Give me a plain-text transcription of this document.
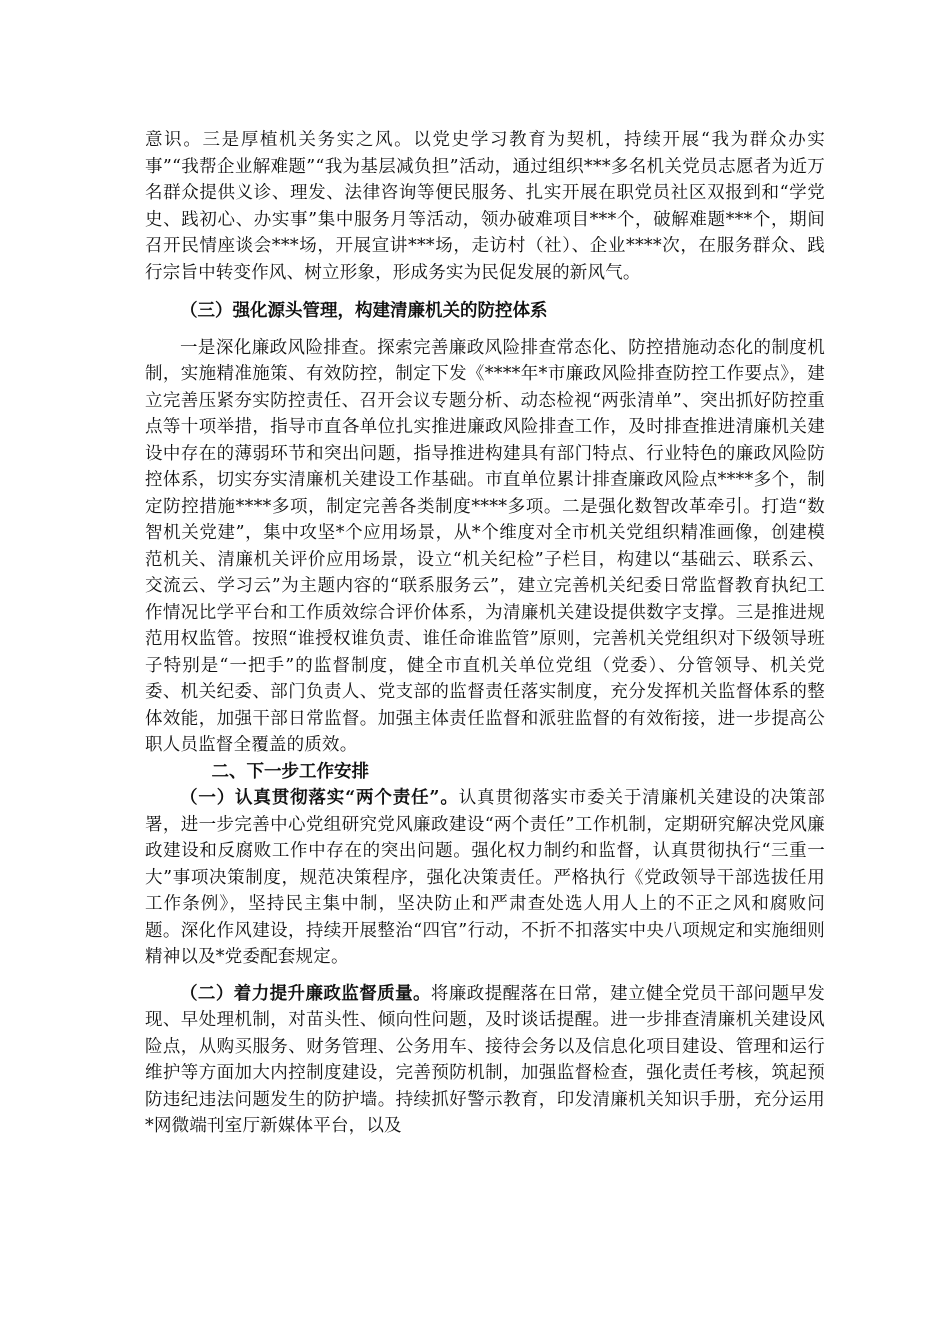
意识。三是厚植机关务实之风。以党史学习教育为契机，持续开展“我为群众办实事”“我帮企业解难题”“我为基层减负担”活动，通过组织***多名机关党员志愿者为近万名群众提供义诊、理发、法律咨询等便民服务、扎实开展在职党员社区双报到和“学党史、践初心、办实事”集中服务月等活动，领办破难项目***个，破解难题***个，期间召开民情座谈会***场，开展宣讲***场，走访村（社）、企业****次，在服务群众、践行宗旨中转变作风、树立形象，形成务实为民促发展的新风气。

（三）强化源头管理，构建清廉机关的防控体系

一是深化廉政风险排查。探索完善廉政风险排查常态化、防控措施动态化的制度机制，实施精准施策、有效防控，制定下发《****年*市廉政风险排查防控工作要点》，建立完善压紧夯实防控责任、召开会议专题分析、动态检视“两张清单”、突出抓好防控重点等十项举措，指导市直各单位扎实推进廉政风险排查工作，及时排查推进清廉机关建设中存在的薄弱环节和突出问题，指导推进构建具有部门特点、行业特色的廉政风险防控体系，切实夯实清廉机关建设工作基础。市直单位累计排查廉政风险点****多个，制定防控措施****多项，制定完善各类制度****多项。二是强化数智改革牵引。打造“数智机关党建”，集中攻坚*个应用场景，从*个维度对全市机关党组织精准画像，创建模范机关、清廉机关评价应用场景，设立“机关纪检”子栏目，构建以“基础云、联系云、交流云、学习云”为主题内容的“联系服务云”，建立完善机关纪委日常监督教育执纪工作情况比学平台和工作质效综合评价体系，为清廉机关建设提供数字支撑。三是推进规范用权监管。按照“谁授权谁负责、谁任命谁监管”原则，完善机关党组织对下级领导班子特别是“一把手”的监督制度，健全市直机关单位党组（党委）、分管领导、机关党委、机关纪委、部门负责人、党支部的监督责任落实制度，充分发挥机关监督体系的整体效能，加强干部日常监督。加强主体责任监督和派驻监督的有效衔接，进一步提高公职人员监督全覆盖的质效。

二、下一步工作安排

（一）认真贯彻落实“两个责任”。认真贯彻落实市委关于清廉机关建设的决策部署，进一步完善中心党组研究党风廉政建设“两个责任”工作机制，定期研究解决党风廉政建设和反腐败工作中存在的突出问题。强化权力制约和监督，认真贯彻执行“三重一大”事项决策制度，规范决策程序，强化决策责任。严格执行《党政领导干部选拔任用工作条例》，坚持民主集中制，坚决防止和严肃查处选人用人上的不正之风和腐败问题。深化作风建设，持续开展整治“四官”行动，不折不扣落实中央八项规定和实施细则精神以及*党委配套规定。

（二）着力提升廉政监督质量。将廉政提醒落在日常，建立健全党员干部问题早发现、早处理机制，对苗头性、倾向性问题，及时谈话提醒。进一步排查清廉机关建设风险点，从购买服务、财务管理、公务用车、接待会务以及信息化项目建设、管理和运行维护等方面加大内控制度建设，完善预防机制，加强监督检查，强化责任考核，筑起预防违纪违法问题发生的防护墙。持续抓好警示教育，印发清廉机关知识手册，充分运用*网微端刊室厅新媒体平台，以及
